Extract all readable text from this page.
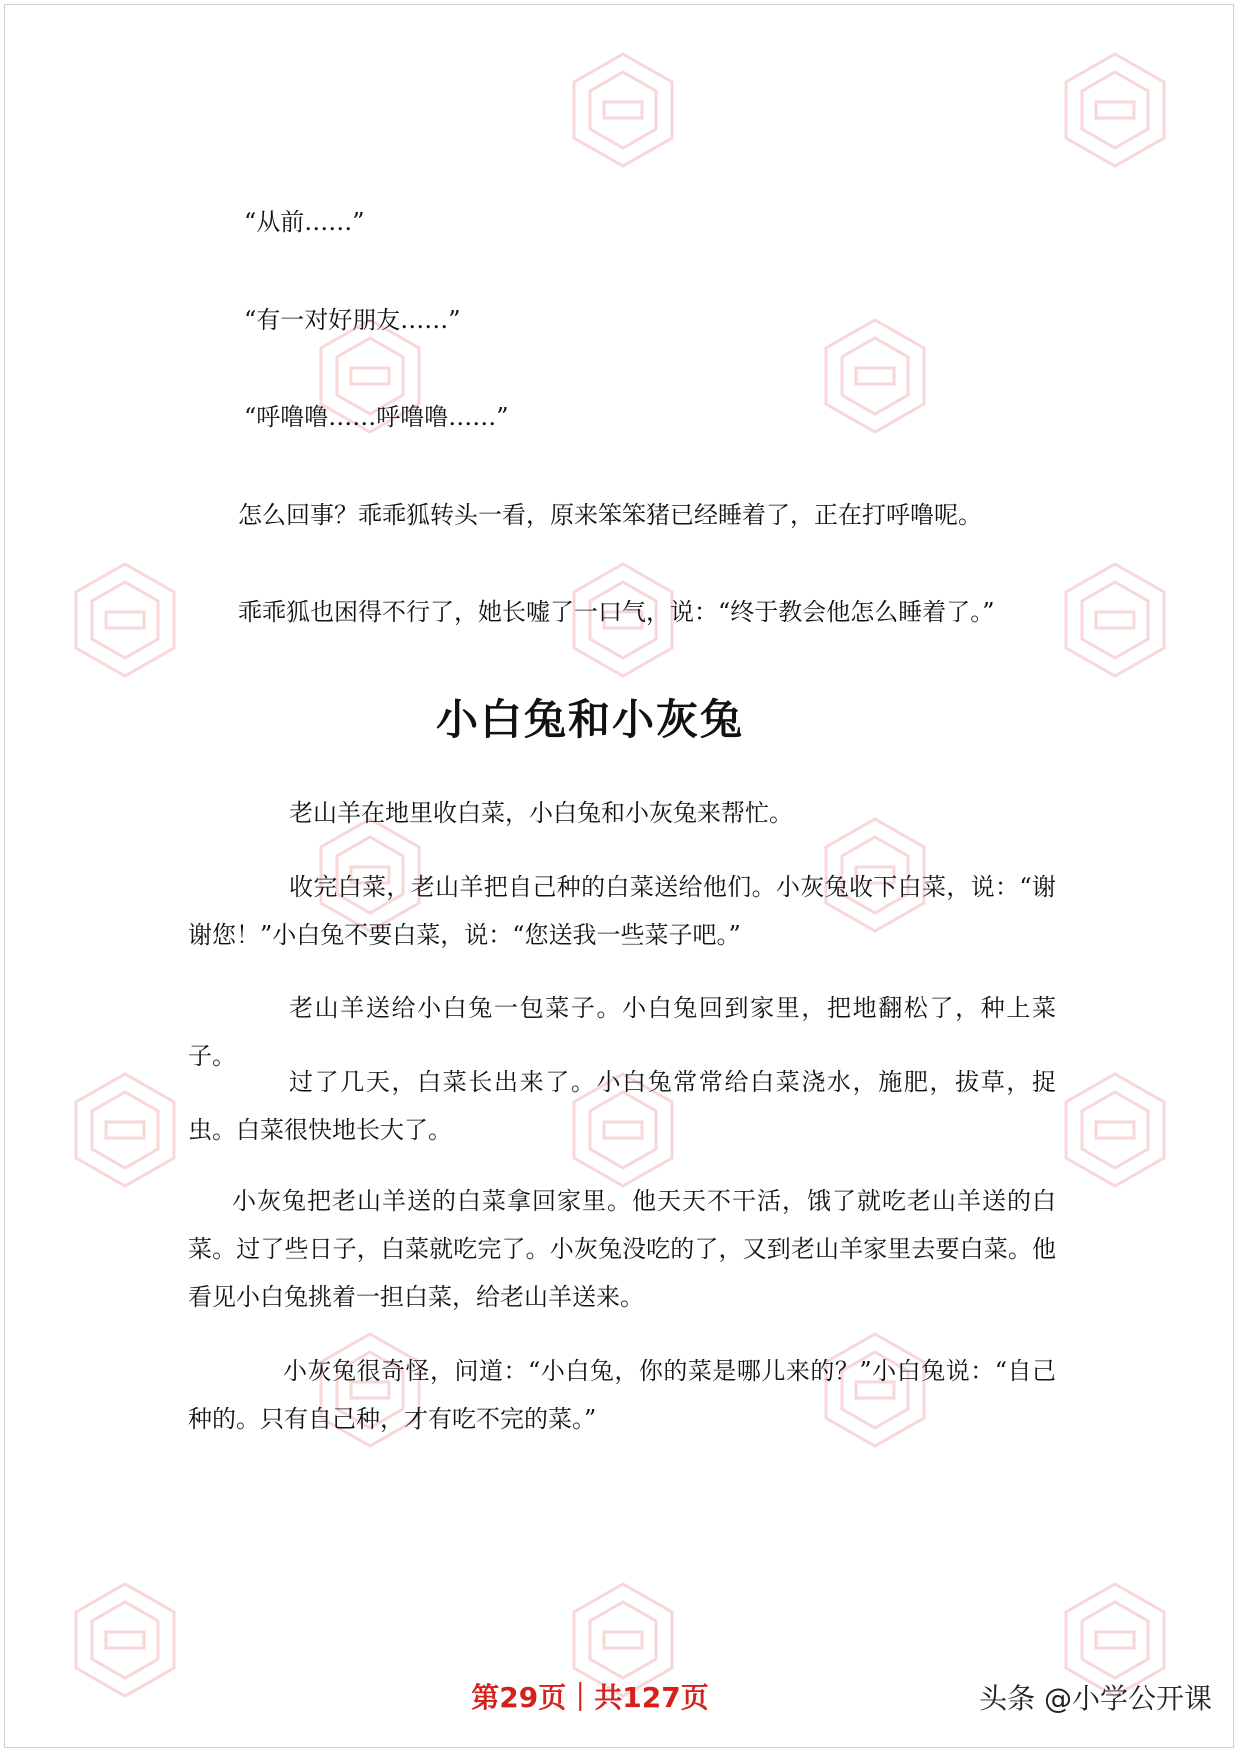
“从前……”
“有一对好朋友……”
“呼噜噜……呼噜噜……”
怎么回事？乖乖狐转头一看，原来笨笨猪已经睡着了，正在打呼噜呢。
乖乖狐也困得不行了，她长嘘了一口气，说：“终于教会他怎么睡着了。”
小白兔和小灰兔
老山羊在地里收白菜，小白兔和小灰兔来帮忙。
收完白菜，老山羊把自己种的白菜送给他们。小灰兔收下白菜，说：“谢谢您！”小白兔不要白菜，说：“您送我一些菜子吧。”
老山羊送给小白兔一包菜子。小白兔回到家里，把地翻松了，种上菜子。
过了几天，白菜长出来了。小白兔常常给白菜浇水，施肥，拔草，捉虫。白菜很快地长大了。
小灰兔把老山羊送的白菜拿回家里。他天天不干活，饿了就吃老山羊送的白菜。过了些日子，白菜就吃完了。小灰兔没吃的了，又到老山羊家里去要白菜。他看见小白兔挑着一担白菜，给老山羊送来。
小灰兔很奇怪，问道：“小白兔，你的菜是哪儿来的？”小白兔说：“自己种的。只有自己种，才有吃不完的菜。”
第29页｜共127页	头条 @小学公开课
